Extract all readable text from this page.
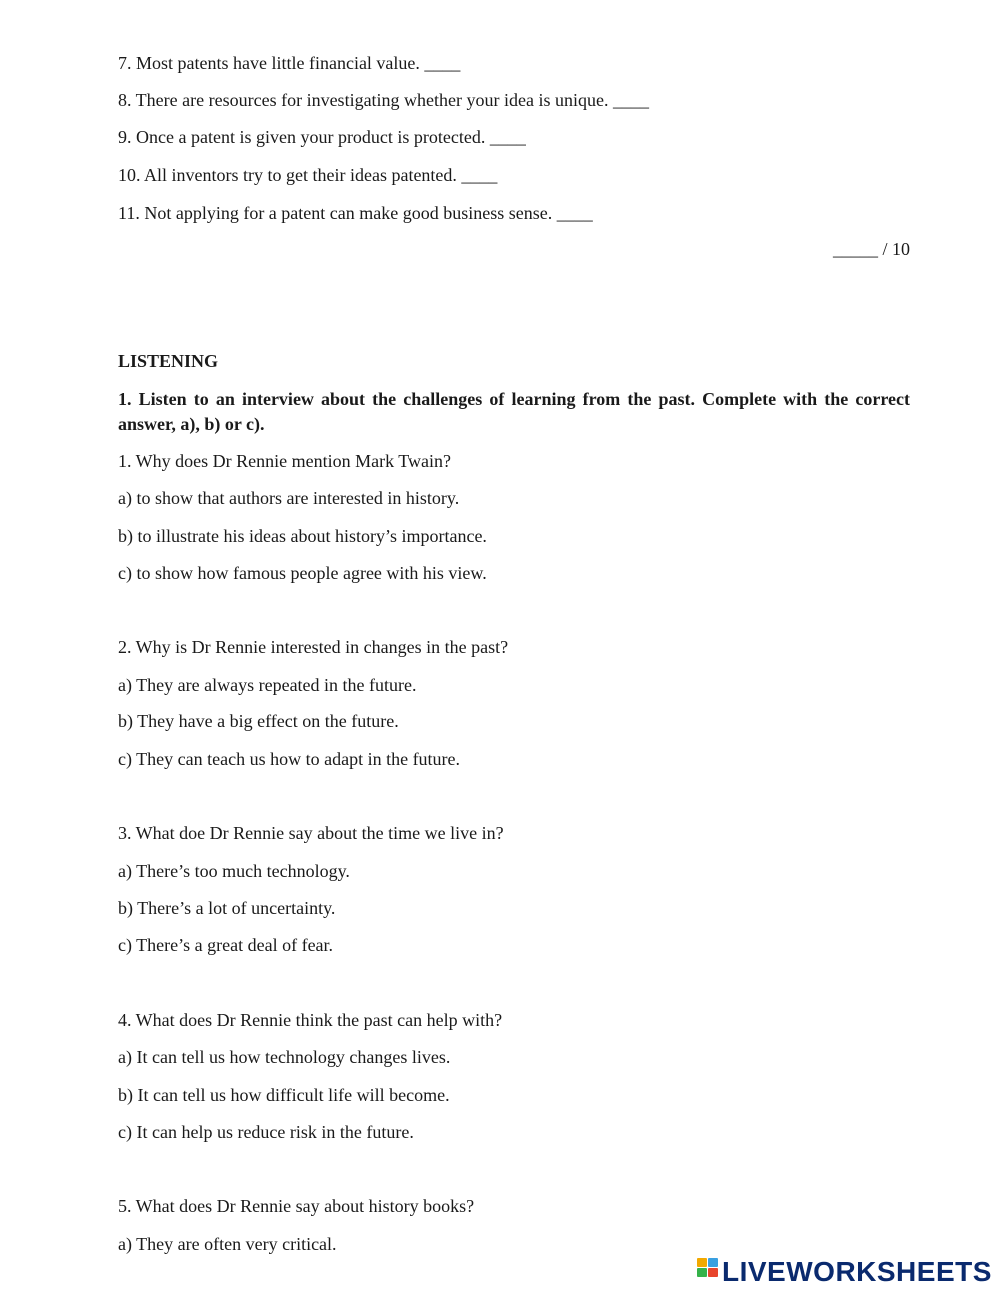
7. Most patents have little financial value. ____
8. There are resources for investigating whether your idea is unique. ____
9. Once a patent is given your product is protected. ____
10. All inventors try to get their ideas patented. ____
11. Not applying for a patent can make good business sense. ____
_____ / 10
LISTENING
1. Listen to an interview about the challenges of learning from the past. Complete with the correct answer, a), b) or c).
1. Why does Dr Rennie mention Mark Twain?
a) to show that authors are interested in history.
b) to illustrate his ideas about history’s importance.
c) to show how famous people agree with his view.
2. Why is Dr Rennie interested in changes in the past?
a) They are always repeated in the future.
b) They have a big effect on the future.
c) They can teach us how to adapt in the future.
3. What doe Dr Rennie say about the time we live in?
a) There’s too much technology.
b) There’s a lot of uncertainty.
c) There’s a great deal of fear.
4. What does Dr Rennie think the past can help with?
a) It can tell us how technology changes lives.
b) It can tell us how difficult life will become.
c) It can help us reduce risk in the future.
5. What does Dr Rennie say about history books?
a) They are often very critical.
LIVEWORKSHEETS
